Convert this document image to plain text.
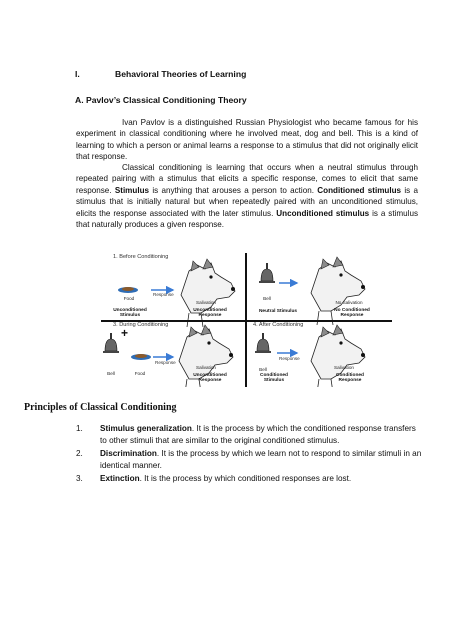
I.	Behavioral Theories of Learning
A. Pavlov’s Classical Conditioning Theory
Ivan Pavlov is a distinguished Russian Physiologist who became famous for his experiment in classical conditioning where he involved meat, dog and bell. This is a kind of learning to which a person or animal learns a response to a stimulus that did not originally elicit that response.
Classical conditioning is learning that occurs when a neutral stimulus through repeated pairing with a stimulus that elicits a specific response, comes to elicit that same response. Stimulus is anything that arouses a person to action. Conditioned stimulus is a stimulus that is initially natural but when repeatedly paired with an unconditioned stimulus, elicits the response associated with the later stimulus. Unconditioned stimulus is a stimulus that naturally produces a given response.
+
1. Before Conditioning
Food
Response
Salivation
Unconditioned
Stimulus
Unconditioned
Response
Bell
No Salivation
Neutral Stimulus	No Conditioned
Response
3. During Conditioning
Bell	Food
Response
Salivation
Unconditioned
Response
4. After Conditioning
Bell
Response
Salivation
Conditioned
Stimulus
Conditioned
Response
Principles of Classical Conditioning
1. Stimulus generalization. It is the process by which the conditioned response transfers to other stimuli that are similar to the original conditioned stimulus.
2. Discrimination. It is the process by which we learn not to respond to similar stimuli in an identical manner.
3. Extinction. It is the process by which conditioned responses are lost.
